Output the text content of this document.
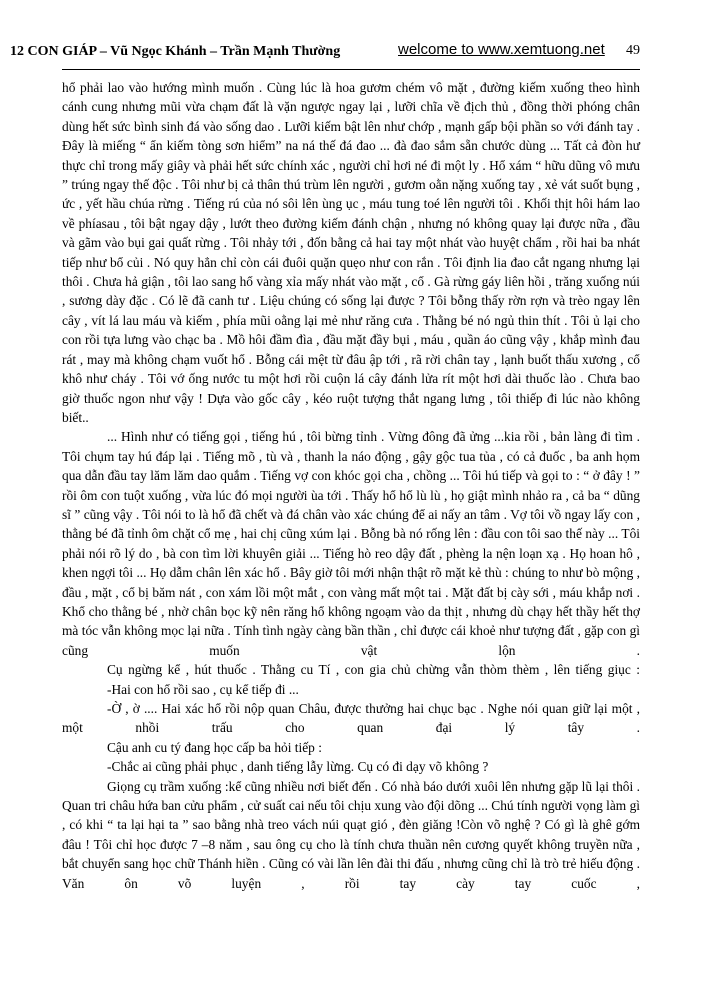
12 CON GIÁP – Vũ Ngọc Khánh – Trần Mạnh Thường	welcome to www.xemtuong.net 49

hổ phải lao vào hướng mình muốn . Cùng lúc là hoa gươm chém vô mặt , đường kiếm xuống theo hình cánh cung nhưng mũi vừa chạm đất là vặn ngược ngay lại , lưỡi chĩa về địch thủ , đồng thời phóng chân dùng hết sức bình sinh đá vào sống dao . Lưỡi kiếm bật lên như chớp , mạnh gấp bội phần so với đánh tay . Đây là miếng “ ẩn kiếm tòng sơn hiểm” na ná thế đá đao ... đà đao sắm sẵn chước dùng ... Tất cả đòn hư thực chỉ trong mấy giây và phải hết sức chính xác , người chỉ hơi né đi một ly . Hổ xám “ hữu dũng vô mưu ” trúng ngay thế độc . Tôi như bị cả thân thú trùm lên người , gươm oằn nặng xuống tay , xẻ vát suốt bụng , ức , yết hầu chúa rừng . Tiếng rú của nó sôi lên ùng ục , máu tung toé lên người tôi . Khối thịt hôi hám lao về phíasau , tôi bật ngay dậy , lướt theo đường kiếm đánh chận , nhưng nó không quay lại được nữa , đầu và gãm vào bụi gai quất rừng . Tôi nhảy tới , đốn bằng cả hai tay một nhát vào huyệt chẩm , rồi hai ba nhát tiếp như bổ củi . Nó quy hẳn chỉ còn cái đuôi quặn quẹo như con rắn . Tôi định lia đao cắt ngang nhưng lại thôi . Chưa hả giận , tôi lao sang hổ vàng xỉa mấy nhát vào mặt , cổ . Gà rừng gáy liên hồi , trăng xuống núi , sương dày đặc . Có lẽ đã canh tư . Liệu chúng có sống lại được ? Tôi bỗng thấy rờn rợn và trèo ngay lên cây , vít lá lau máu và kiếm , phía mũi oằng lại mẻ như răng cưa . Thằng bé nó ngủ thin thít . Tôi ủ lại cho con rồi tựa lưng vào chạc ba . Mồ hôi đầm đìa , đầu mặt đầy bụi , máu , quần áo cũng vậy , khắp mình đau rát , may mà không chạm vuốt hổ . Bỗng cái mệt từ đâu ập tới , rã rời chân tay , lạnh buốt thấu xương , cổ khô như cháy . Tôi vớ ống nước tu một hơi rồi cuộn lá cây đánh lửa rít một hơi dài thuốc lào . Chưa bao giờ thuốc ngon như vậy ! Dựa vào gốc cây , kéo ruột tượng thắt ngang lưng , tôi thiếp đi lúc nào không biết..

... Hình như có tiếng gọi , tiếng hú , tôi bừng tỉnh . Vừng đông đã ửng ...kia rồi , bản làng đi tìm . Tôi chụm tay hú đáp lại . Tiếng mõ , tù và , thanh la náo động , gậy gộc tua tủa , có cả đuốc , ba anh họm qua dẫn đầu tay lăm lăm dao quắm . Tiếng vợ con khóc gọi cha , chồng ... Tôi hú tiếp và gọi to : “ ở đây ! ” rồi ôm con tuột xuống , vừa lúc đó mọi người ùa tới . Thấy hổ hổ lù lù , họ giật mình nhảo ra , cả ba “ dũng sĩ ” cũng vậy . Tôi nói to là hổ đã chết và đá chân vào xác chúng để ai nấy an tâm . Vợ tôi vồ ngay lấy con , thằng bé đã tỉnh ôm chặt cổ mẹ , hai chị cũng xúm lại . Bỗng bà nó rống lên : đầu con tôi sao thế này ... Tôi phải nói rõ lý do , bà con tìm lời khuyên giải ... Tiếng hò reo dậy đất , phèng la nện loạn xạ . Họ hoan hô , khen ngợi tôi ... Họ dẫm chân lên xác hổ . Bây giờ tôi mới nhận thật rõ mặt kẻ thù : chúng to như bò mộng , đầu , mặt , cổ bị băm nát , con xám lồi một mắt , con vàng mất một tai . Mặt đất bị cày sới , máu khắp nơi . Khổ cho thằng bé , nhờ chân bọc kỹ nên răng hổ không ngoạm vào da thịt , nhưng dù chạy hết thầy hết thợ mà tóc vẫn không mọc lại nữa . Tính tình ngày càng bần thần , chỉ được cái khoẻ như tượng đất , gặp con gì cũng muốn vật lộn .

Cụ ngừng kể , hút thuốc . Thằng cu Tí , con gia chủ chừng vẫn thòm thèm , lên tiếng giục :

-Hai con hổ rồi sao , cụ kể tiếp đi ...

-Ờ , ờ .... Hai xác hổ rồi nộp quan Châu, được thưởng hai chục bạc . Nghe nói quan giữ lại một , một nhồi trấu cho quan đại lý tây .

Cậu anh cu tý đang học cấp ba hỏi tiếp :

-Chắc ai cũng phải phục , danh tiếng lẫy lừng. Cụ có đi dạy võ không ?

Giọng cụ trầm xuống :kể cũng nhiều nơi biết đến . Có nhà báo dưới xuôi lên nhưng gặp lũ lại thôi . Quan tri châu hứa ban cửu phẩm , cử suất cai nếu tôi chịu xung vào đội dõng ... Chú tính người vọng làm gì , có khi “ ta lại hại ta ” sao bằng nhà treo vách núi quạt gió , đèn giăng !Còn võ nghệ ? Có gì là ghê gớm đâu ! Tôi chỉ học được 7 –8 năm , sau ông cụ cho là tính chưa thuần nên cương quyết không truyền nữa , bắt chuyển sang học chữ Thánh hiền . Cũng có vài lần lên đài thi đấu , nhưng cũng chỉ là trò trẻ hiếu động . Văn ôn võ luyện , rồi tay cày tay cuốc ,
